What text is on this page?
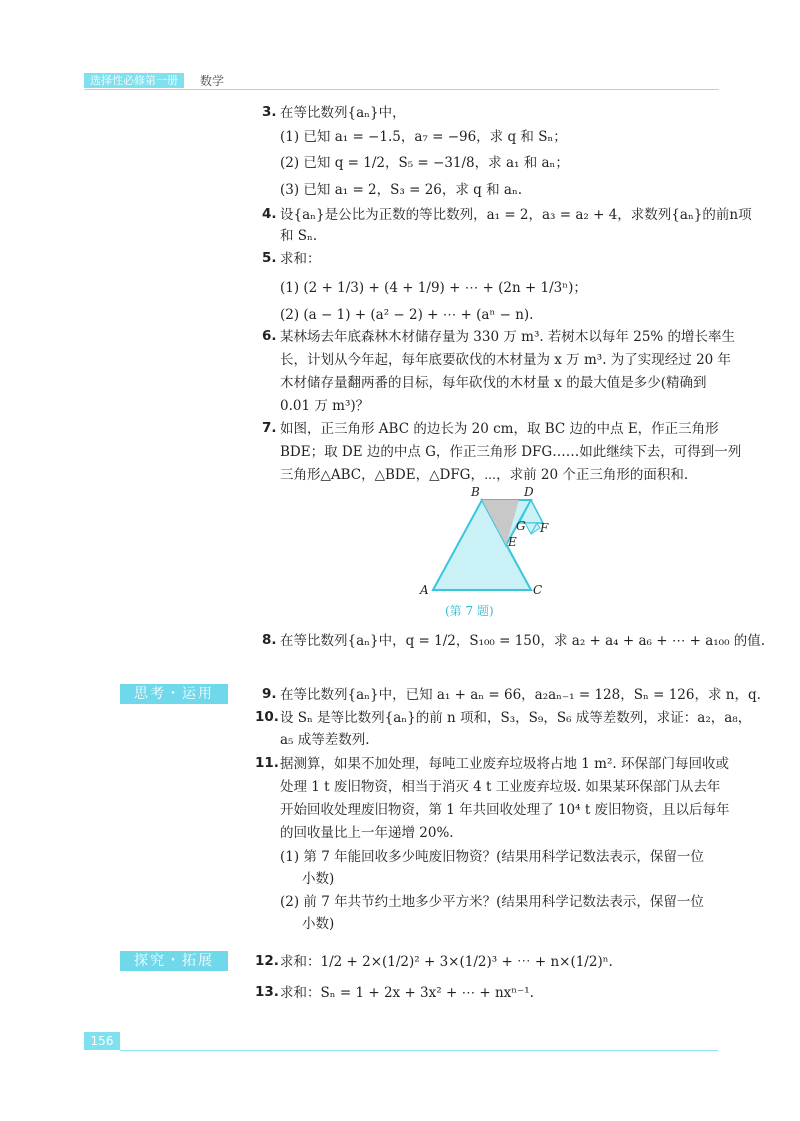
选择性必修第一册	数学
3. 在等比数列{aₙ}中，
(1) 已知 a₁ = −1.5，a₇ = −96，求 q 和 Sₙ；
(2) 已知 q = 1/2，S₅ = −31/8，求 a₁ 和 aₙ；
(3) 已知 a₁ = 2，S₃ = 26，求 q 和 aₙ.
4. 设{aₙ}是公比为正数的等比数列，a₁ = 2，a₃ = a₂ + 4，求数列{aₙ}的前n项
和 Sₙ.
5. 求和：
(1) (2 + 1/3) + (4 + 1/9) + ⋯ + (2n + 1/3ⁿ)；
(2) (a − 1) + (a² − 2) + ⋯ + (aⁿ − n).
6. 某林场去年底森林木材储存量为 330 万 m³. 若树木以每年 25% 的增长率生
长，计划从今年起，每年底要砍伐的木材量为 x 万 m³. 为了实现经过 20 年
木材储存量翻两番的目标，每年砍伐的木材量 x 的最大值是多少(精确到
0.01 万 m³)？
7. 如图，正三角形 ABC 的边长为 20 cm，取 BC 边的中点 E，作正三角形
BDE；取 DE 边的中点 G，作正三角形 DFG……如此继续下去，可得到一列
三角形△ABC，△BDE，△DFG，⋯，求前 20 个正三角形的面积和.
A
B
C
D
E
F
G
(第 7 题)
8. 在等比数列{aₙ}中，q = 1/2，S₁₀₀ = 150，求 a₂ + a₄ + a₆ + ⋯ + a₁₀₀ 的值.
思考・运用	9. 在等比数列{aₙ}中，已知 a₁ + aₙ = 66，a₂aₙ₋₁ = 128，Sₙ = 126，求 n，q.
10. 设 Sₙ 是等比数列{aₙ}的前 n 项和，S₃，S₉，S₆ 成等差数列，求证：a₂，a₈，
a₅ 成等差数列.
11. 据测算，如果不加处理，每吨工业废弃垃圾将占地 1 m². 环保部门每回收或
处理 1 t 废旧物资，相当于消灭 4 t 工业废弃垃圾. 如果某环保部门从去年
开始回收处理废旧物资，第 1 年共回收处理了 10⁴ t 废旧物资，且以后每年
的回收量比上一年递增 20%.
(1) 第 7 年能回收多少吨废旧物资？(结果用科学记数法表示，保留一位
小数)
(2) 前 7 年共节约土地多少平方米？(结果用科学记数法表示，保留一位
小数)
探究・拓展	12. 求和：1/2 + 2×(1/2)² + 3×(1/2)³ + ⋯ + n×(1/2)ⁿ.
13. 求和：Sₙ = 1 + 2x + 3x² + ⋯ + nxⁿ⁻¹.
156
